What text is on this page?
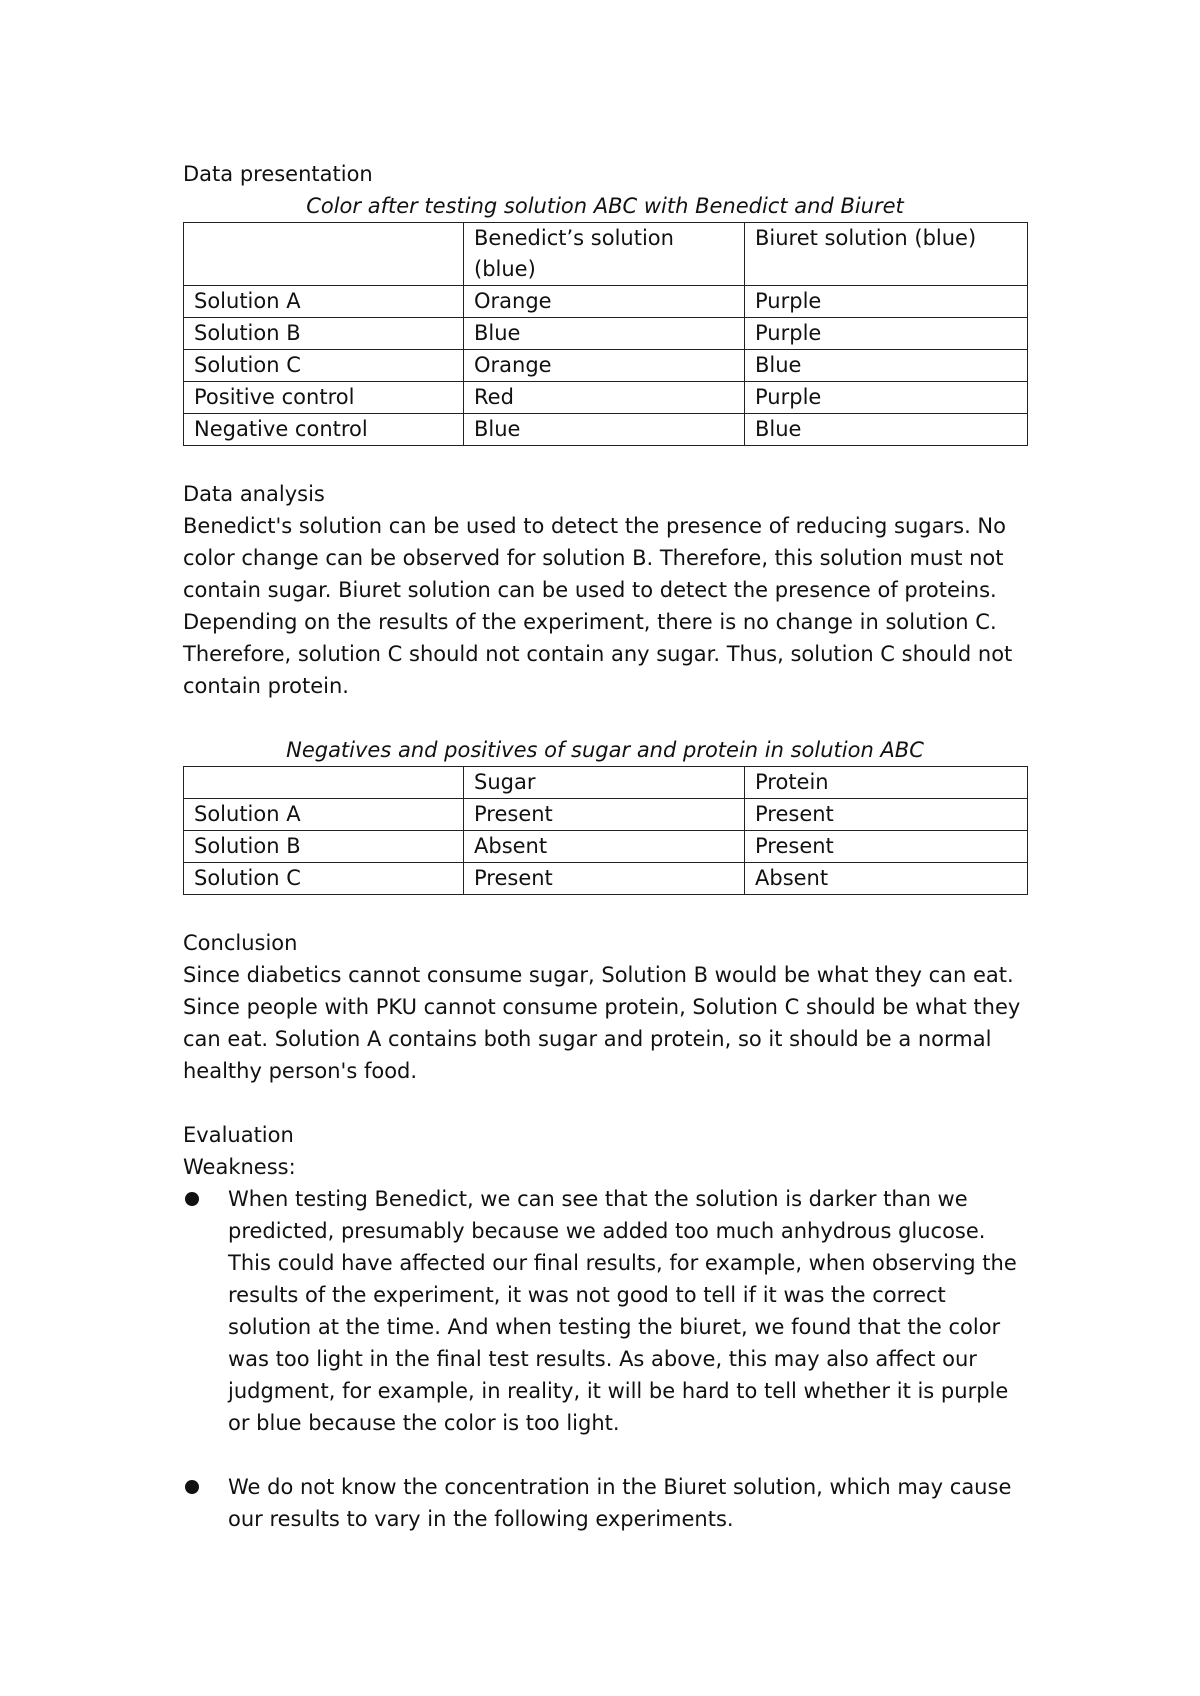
Data presentation

Color after testing solution ABC with Benedict and Biuret

	Benedict’s solution (blue)	Biuret solution (blue)
Solution A	Orange	Purple
Solution B	Blue	Purple
Solution C	Orange	Blue
Positive control	Red	Purple
Negative control	Blue	Blue

Data analysis

Benedict's solution can be used to detect the presence of reducing sugars. No color change can be observed for solution B. Therefore, this solution must not contain sugar. Biuret solution can be used to detect the presence of proteins. Depending on the results of the experiment, there is no change in solution C. Therefore, solution C should not contain any sugar. Thus, solution C should not contain protein.

Negatives and positives of sugar and protein in solution ABC

	Sugar	Protein
Solution A	Present	Present
Solution B	Absent	Present
Solution C	Present	Absent

Conclusion

Since diabetics cannot consume sugar, Solution B would be what they can eat. Since people with PKU cannot consume protein, Solution C should be what they can eat. Solution A contains both sugar and protein, so it should be a normal healthy person's food.

Evaluation

Weakness:

When testing Benedict, we can see that the solution is darker than we predicted, presumably because we added too much anhydrous glucose. This could have affected our final results, for example, when observing the results of the experiment, it was not good to tell if it was the correct solution at the time. And when testing the biuret, we found that the color was too light in the final test results. As above, this may also affect our judgment, for example, in reality, it will be hard to tell whether it is purple or blue because the color is too light.
We do not know the concentration in the Biuret solution, which may cause our results to vary in the following experiments.
